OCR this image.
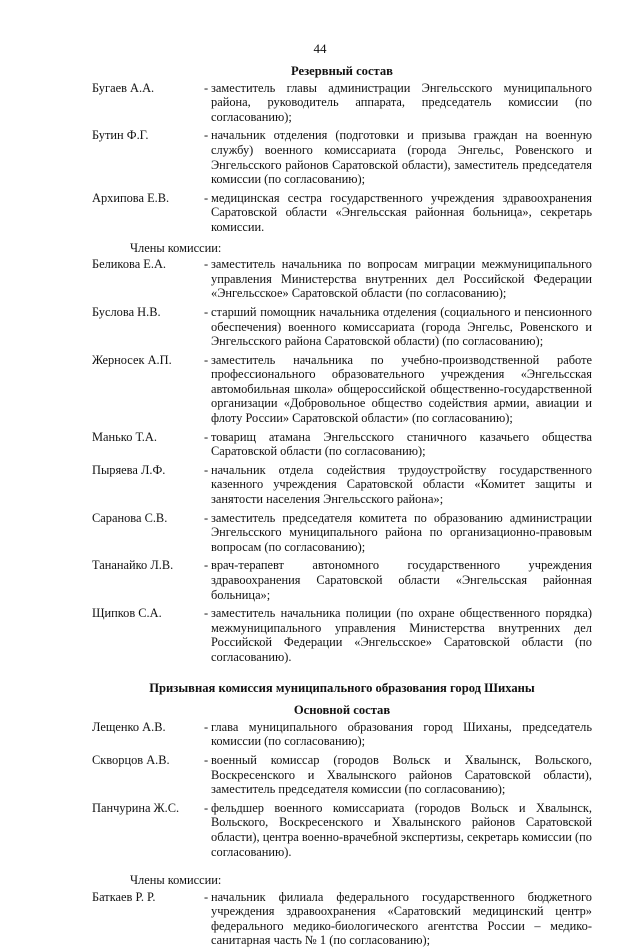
44
Резервный состав
Бугаев А.А.	- заместитель главы администрации Энгельсского муниципального района, руководитель аппарата, председатель комиссии (по согласованию);
Бутин Ф.Г.	- начальник отделения (подготовки и призыва граждан на военную службу) военного комиссариата (города Энгельс, Ровенского и Энгельсского районов Саратовской области), заместитель председателя комиссии (по согласованию);
Архипова Е.В.	- медицинская сестра государственного учреждения здравоохранения Саратовской области «Энгельсская районная больница», секретарь комиссии.
Члены комиссии:
Беликова Е.А.	- заместитель начальника по вопросам миграции межмуниципального управления Министерства внутренних дел Российской Федерации «Энгельсское» Саратовской области (по согласованию);
Буслова Н.В.	- старший помощник начальника отделения (социального и пенсионного обеспечения) военного комиссариата (города Энгельс, Ровенского и Энгельсского района Саратовской области) (по согласованию);
Жерносек А.П.	- заместитель начальника по учебно-производственной работе профессионального образовательного учреждения «Энгельсская автомобильная школа» общероссийской общественно-государственной организации «Добровольное общество содействия армии, авиации и флоту России» Саратовской области» (по согласованию);
Манько Т.А.	- товарищ атамана Энгельсского станичного казачьего общества Саратовской области (по согласованию);
Пыряева Л.Ф.	- начальник отдела содействия трудоустройству государственного казенного учреждения Саратовской области «Комитет защиты и занятости населения Энгельсского района»;
Саранова С.В.	- заместитель председателя комитета по образованию администрации Энгельсского муниципального района по организационно-правовым вопросам (по согласованию);
Тананайко Л.В.	- врач-терапевт автономного государственного учреждения здравоохранения Саратовской области «Энгельсская районная больница»;
Щипков С.А.	- заместитель начальника полиции (по охране общественного порядка) межмуниципального управления Министерства внутренних дел Российской Федерации «Энгельсское» Саратовской области (по согласованию).
Призывная комиссия муниципального образования город Шиханы
Основной состав
Лещенко А.В.	- глава муниципального образования город Шиханы, председатель комиссии (по согласованию);
Скворцов А.В.	- военный комиссар (городов Вольск и Хвалынск, Вольского, Воскресенского и Хвалынского районов Саратовской области), заместитель председателя комиссии (по согласованию);
Панчурина Ж.С.	- фельдшер военного комиссариата (городов Вольск и Хвалынск, Вольского, Воскресенского и Хвалынского районов Саратовской области), центра военно-врачебной экспертизы, секретарь комиссии (по согласованию).
Члены комиссии:
Баткаев Р. Р.	- начальник филиала федерального государственного бюджетного учреждения здравоохранения «Саратовский медицинский центр» федерального медико-биологического агентства России – медико-санитарная часть № 1 (по согласованию);
